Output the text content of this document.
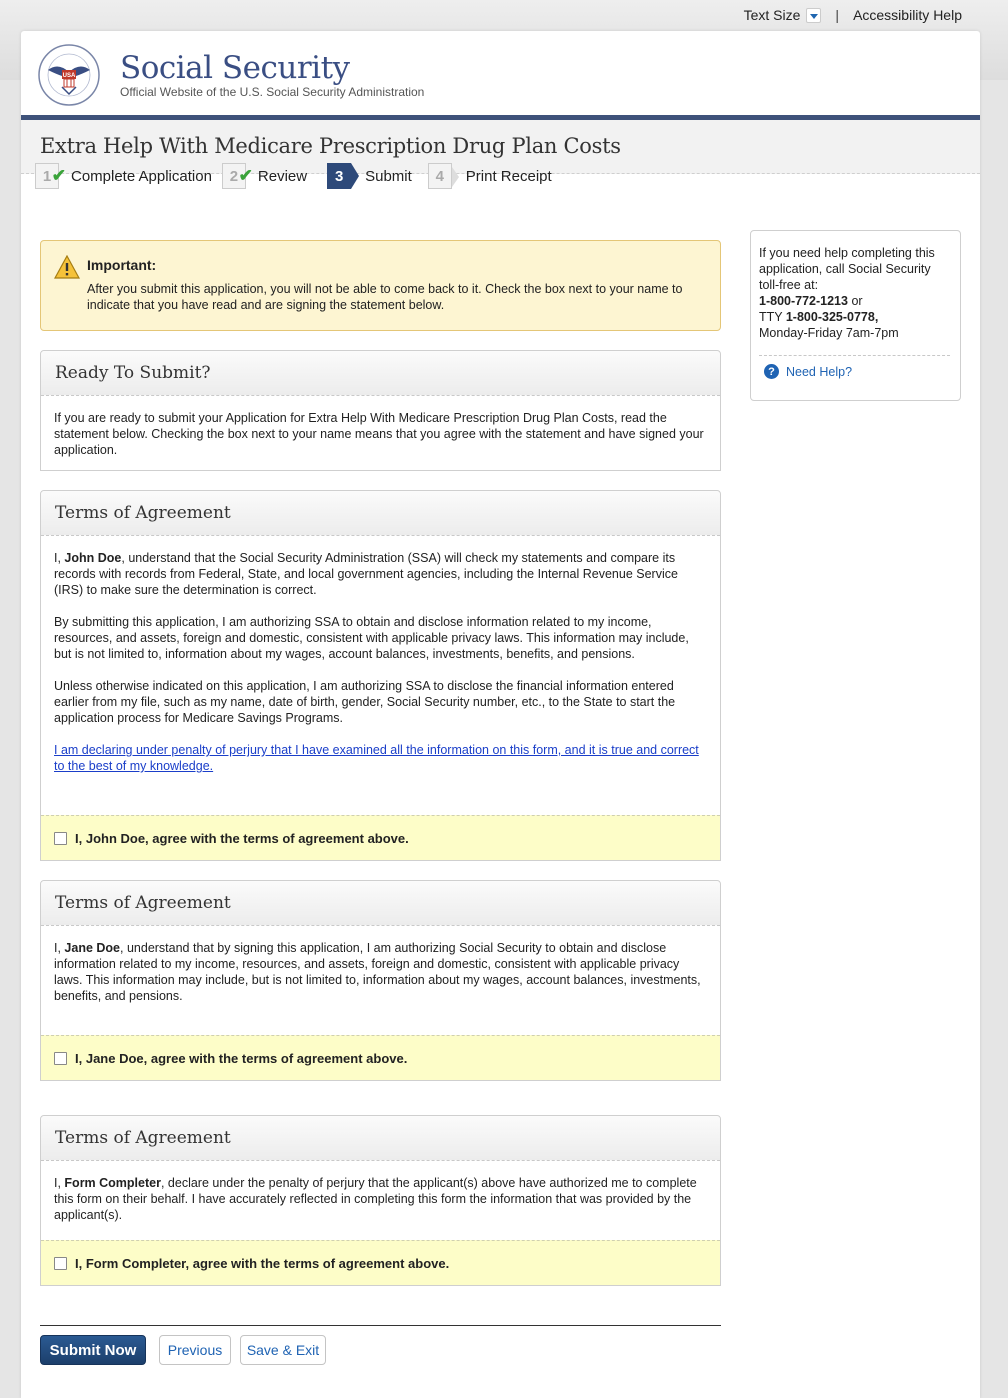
Text Size	| Accessibility Help
USA Social Security
Official Website of the U.S. Social Security Administration
Extra Help With Medicare Prescription Drug Plan Costs
1 ✔ Complete Application 2 ✔ Review	3	Submit	4	Print Receipt
Important:
After you submit this application, you will not be able to come back to it. Check the box next to your name to indicate that you have read and are signing the statement below.
Ready To Submit?

If you are ready to submit your Application for Extra Help With Medicare Prescription Drug Plan Costs, read the statement below. Checking the box next to your name means that you agree with the statement and have signed your application.

Terms of Agreement

I, John Doe, understand that the Social Security Administration (SSA) will check my statements and compare its records with records from Federal, State, and local government agencies, including the Internal Revenue Service (IRS) to make sure the determination is correct.

By submitting this application, I am authorizing SSA to obtain and disclose information related to my income, resources, and assets, foreign and domestic, consistent with applicable privacy laws. This information may include, but is not limited to, information about my wages, account balances, investments, benefits, and pensions.

Unless otherwise indicated on this application, I am authorizing SSA to disclose the financial information entered earlier from my file, such as my name, date of birth, gender, Social Security number, etc., to the State to start the application process for Medicare Savings Programs.

I am declaring under penalty of perjury that I have examined all the information on this form, and it is true and correct to the best of my knowledge.

I, John Doe, agree with the terms of agreement above.
Terms of Agreement

I, Jane Doe, understand that by signing this application, I am authorizing Social Security to obtain and disclose information related to my income, resources, and assets, foreign and domestic, consistent with applicable privacy laws. This information may include, but is not limited to, information about my wages, account balances, investments, benefits, and pensions.

I, Jane Doe, agree with the terms of agreement above.
Terms of Agreement

I, Form Completer, declare under the penalty of perjury that the applicant(s) above have authorized me to complete this form on their behalf. I have accurately reflected in completing this form the information that was provided by the applicant(s).

I, Form Completer, agree with the terms of agreement above.
If you need help completing this application, call Social Security toll-free at:
1-800-772-1213 or
TTY 1-800-325-0778,
Monday-Friday 7am-7pm
? Need Help?
Submit Now	Previous	Save & Exit
